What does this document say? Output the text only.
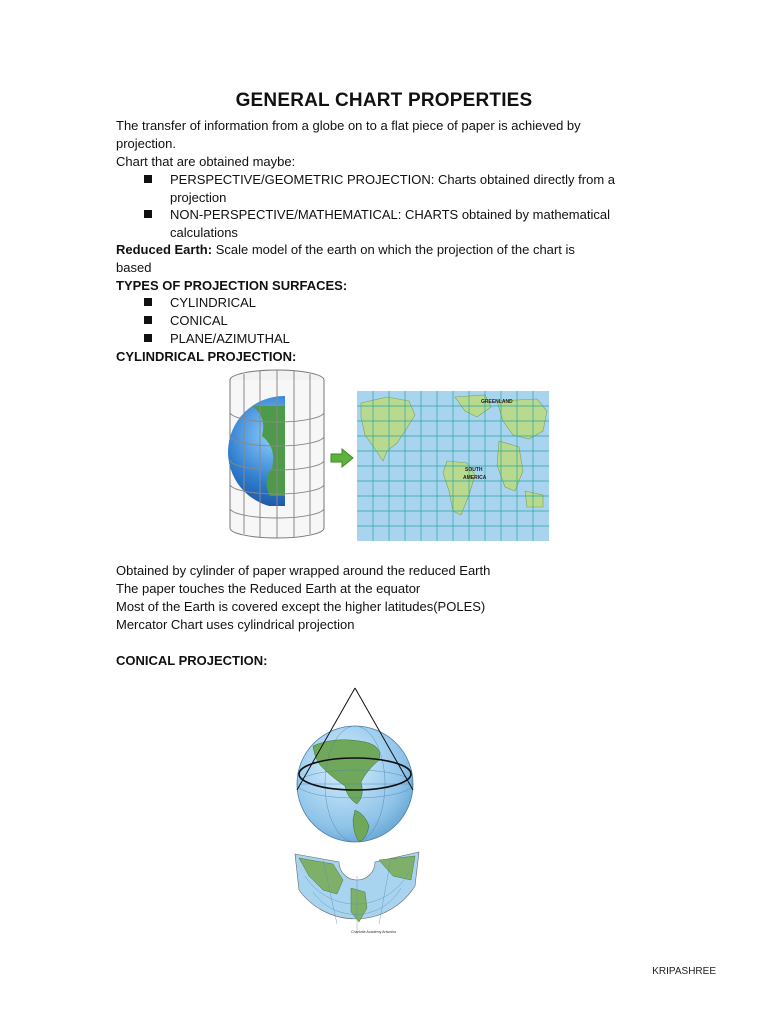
GENERAL CHART PROPERTIES
The transfer of information from a globe on to a flat piece of paper is achieved by
projection.
Chart that are obtained maybe:
PERSPECTIVE/GEOMETRIC PROJECTION: Charts obtained directly from a
projection
NON-PERSPECTIVE/MATHEMATICAL: CHARTS obtained by mathematical
calculations
Reduced Earth: Scale model of the earth on which the projection of the chart is
based
TYPES OF PROJECTION SURFACES:
CYLINDRICAL
CONICAL
PLANE/AZIMUTHAL
CYLINDRICAL PROJECTION:
GREENLAND
SOUTH
AMERICA
Obtained by cylinder of paper wrapped around the reduced Earth
The paper touches the Reduced Earth at the equator
Most of the Earth is covered except the higher latitudes(POLES)
Mercator Chart uses cylindrical projection
CONICAL PROJECTION:
Charlotte Academy Artworks
KRIPASHREE
